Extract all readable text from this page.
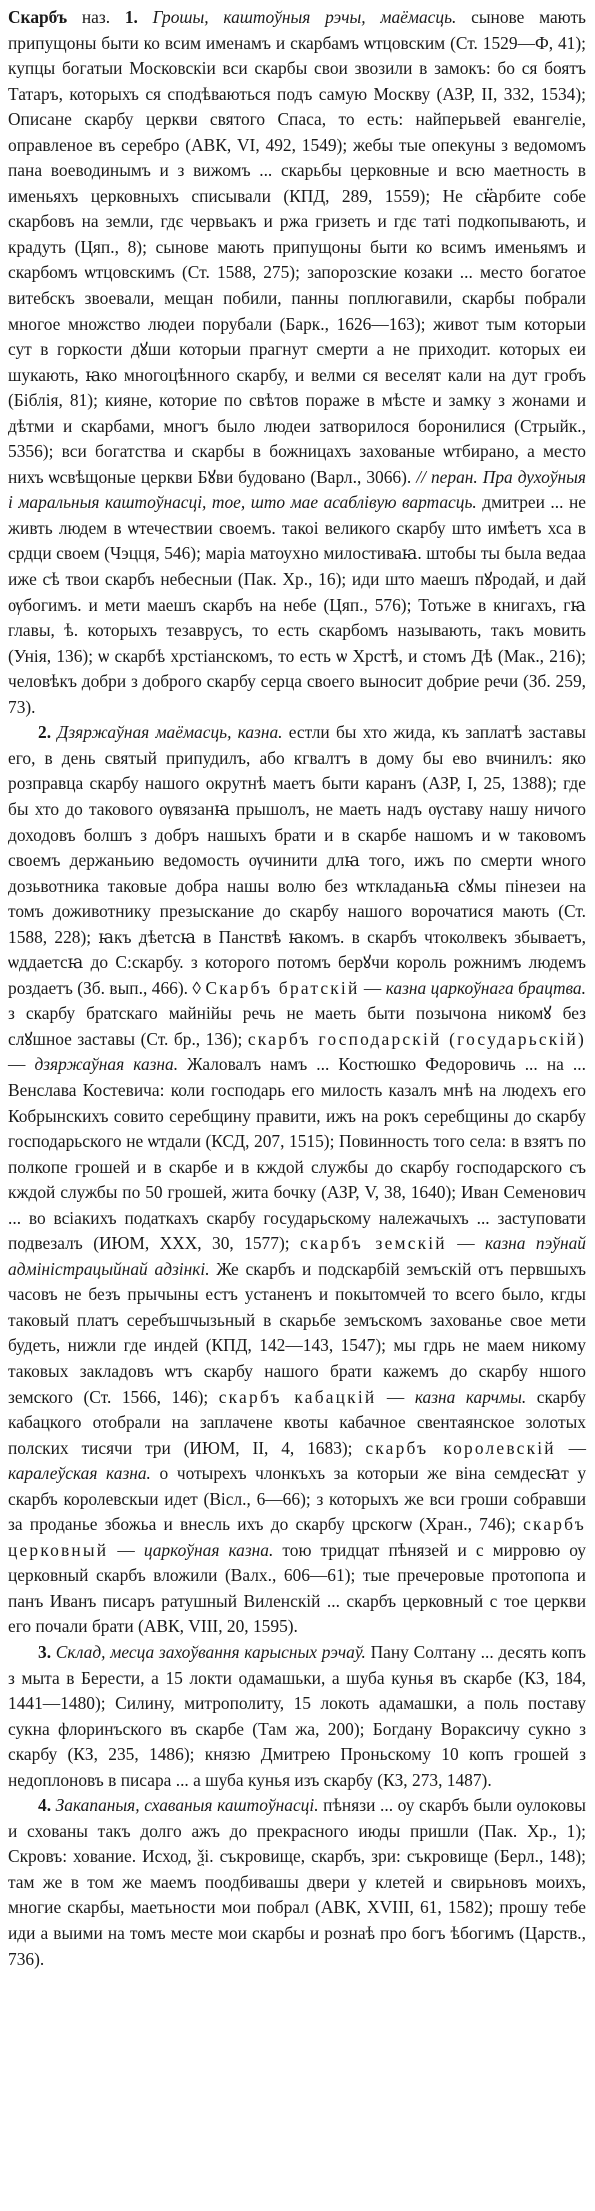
Скарбъ наз. 1. Грошы, каштоўныя рэчы, маёмасць. сынове мають припущоны быти ко всим именамъ и скарбамъ ѡтцовским (Ст. 1529—Ф, 41); купцы богатыи Московскіи вси скарбы свои звозили в замокъ: бо ся боятъ Татаръ, которыхъ ся сподѣваються подъ самую Москву (АЗР, II, 332, 1534); Описане скарбу церкви святого Спаса, то есть: найперьвей евангеліе, оправленое въ серебро (АВК, VI, 492, 1549); жебы тые опекуны з ведомомъ пана воеводинымъ и з вижомъ ... скарьбы церковные и всю маетность в именьяхъ церковныхъ списывали (КПД, 289, 1559); Не сꙗ̈рбите собе скарбовъ на земли, гдє червьакъ и ржа гризеть и гдє таті подкопывають, и крадуть (Цяп., 8); сынове мають припущоны быти ко всимъ именьямъ и скарбомъ ѡтцовскимъ (Ст. 1588, 275); запорозские козаки ... место богатое витебскъ звоевали, мещан побили, панны поплюгавили, скарбы побрали многое множство людеи порубали (Барк., 1626—163); живот тым которыи сут в горкости дꙋши которыи прагнут смерти а не приходит. которых еи шукають, ꙗко многоцѣнного скарбу, и велми ся веселят кали на дут гробъ (Біблія, 81); кияне, которие по свѣтов пораже в мѣсте и замку з жонами и дѣтми и скарбами, многъ было людеи затворилося боронилися (Стрыйк., 5356); вси богатства и скарбы в божницахъ захованые ѡтбирано, а место нихъ ѡсвѣщоные церкви Бꙋви будовано (Варл., 3066). // перан. Пра духоўныя і маральныя каштоўнасці, тое, што мае асаблівую вартасць. дмитреи ... не живть людем в ѡтечествии своемъ. такоі великого скарбу што имѣетъ хса в срдци своем (Чэцця, 546); маріа матоухно милостиваꙗ. штобы ты была ведаа иже сѣ твои скарбъ небесныи (Пак. Хр., 16); иди што маешъ пꙋродай, и дай ѹбогимъ. и мети маешъ скарбъ на небе (Цяп., 576); Тотьже в книгахъ, гꙗ главы, ѣ. которыхъ тезаврусъ, то есть скарбомъ называють, такъ мовить (Унія, 136); ѡ скарбѣ хрстіанскомъ, то есть ѡ Хрстѣ, и стомъ Дѣ (Мак., 216); человѣкъ добри з доброго скарбу серца своего выносит добрие речи (Зб. 259, 73).

2. Дзяржаўная маёмасць, казна. естли бы хто жида, къ заплатѣ заставы его, в день святый припудилъ, або кгвалтъ в дому бы ево вчинилъ: яко розправца скарбу нашого окрутнѣ маетъ быти каранъ (АЗР, I, 25, 1388); где бы хто до такового ѹвязанꙗ прышолъ, не маеть надъ ѹставу нашу ничого доходовъ болшъ з добръ нашыхъ брати и в скарбе нашомъ и ѡ таковомъ своемъ держаньию ведомость ѹчинити длꙗ того, ижъ по смерти ѡного дозьвотника таковые добра нашы волю без ѡткладаньꙗ сꙋмы пінезеи на томъ доживотнику презыскание до скарбу нашого ворочатися мають (Ст. 1588, 228); ꙗкъ дѣетсꙗ в Панствѣ ꙗкомъ. в скарбъ чтоколвекъ збываетъ, ѡддаетсꙗ до С:скарбу. з которого потомъ берꙋчи король рожнимъ людемъ роздаетъ (Зб. вып., 466). ◊ Скарбъ братскій — казна царкоўнага брацтва. з скарбу братскаго майнійы речь не маеть быти позычона никомꙋ без слꙋшное заставы (Ст. бр., 136); скарбъ господарскій (государьскій) — дзяржаўная казна. Жаловалъ намъ ... Костюшко Федоровичь ... на ... Венслава Костевича: коли господарь его милость казалъ мнѣ на людехъ его Кобрынскихъ совито серебщину правити, ижъ на рокъ серебщины до скарбу господарьского не ѡтдали (КСД, 207, 1515); Повинность того села: в взятъ по полкопе грошей и в скарбе и в кждой службы до скарбу господарского съ кждой службы по 50 грошей, жита бочку (АЗР, V, 38, 1640); Иван Семенович ... во всіакихъ податкахъ скарбу государьскому належачыхъ ... заступовати подвезалъ (ИЮМ, XXX, 30, 1577); скарбъ земскій — казна пэўнай адміністрацыйнай адзінкі. Же скарбъ и подскарбій земъскій отъ первшыхъ часовъ не безъ прычыны естъ устаненъ и покытомчей то всего было, кгды таковый платъ серебъшчызьный в скарьбе земъскомъ захованье свое мети будеть, нижли где индей (КПД, 142—143, 1547); мы гдрь не маем никому таковых закладовъ ѡтъ скарбу нашого брати кажемъ до скарбу ншого земского (Ст. 1566, 146); скарбъ кабацкій — казна карчмы. скарбу кабацкого отобрали на заплачене квоты кабачное свентаянское золотых полских тисячи три (ИЮМ, II, 4, 1683); скарбъ королевскій — каралеўская казна. о чотырехъ члонкъхъ за которыи же віна семдесꙗт у скарбъ королевскыи идет (Вісл., 6—66); з которыхъ же вси гроши собравши за проданье збожьа и внесль ихъ до скарбу црскогѡ (Хран., 746); скарбъ церковный — царкоўная казна. тою тридцат пѣнязей и с мирровю оу церковный скарбъ вложили (Валх., 606—61); тые пречеровые протопопа и панъ Иванъ писаръ ратушный Виленскій ... скарбъ церковный с тое церкви его почали брати (АВК, VIII, 20, 1595).

3. Склад, месца захоўвання карысных рэчаў. Пану Солтану ... десять копъ з мыта в Берести, а 15 локти одамашьки, а шуба кунья въ скарбе (КЗ, 184, 1441—1480); Силину, митрополиту, 15 локоть адамашки, а поль поставу сукна флоринъского въ скарбе (Там жа, 200); Богдану Вораксичу сукно з скарбу (КЗ, 235, 1486); князю Дмитрею Проньскому 10 копъ грошей з недоплоновъ в писара ... а шуба кунья изъ скарбу (КЗ, 273, 1487).

4. Закапаныя, схаваныя каштоўнасці. пѣнязи ... оу скарбъ были оулоковы и схованы такъ долго ажъ до прекрасного июды пришли (Пак. Хр., 1); Скровъ: хование. Исход, ѯі. съкровище, скарбъ, зри: съкровище (Берл., 148); там же в том же маемъ поодбивашы двери у клетей и свирьновъ моихъ, многие скарбы, маетьности мои побрал (АВК, XVIII, 61, 1582); прошу тебе иди а выими на томъ месте мои скарбы и рознаѣ про богъ ѣбогимъ (Царств., 736).
